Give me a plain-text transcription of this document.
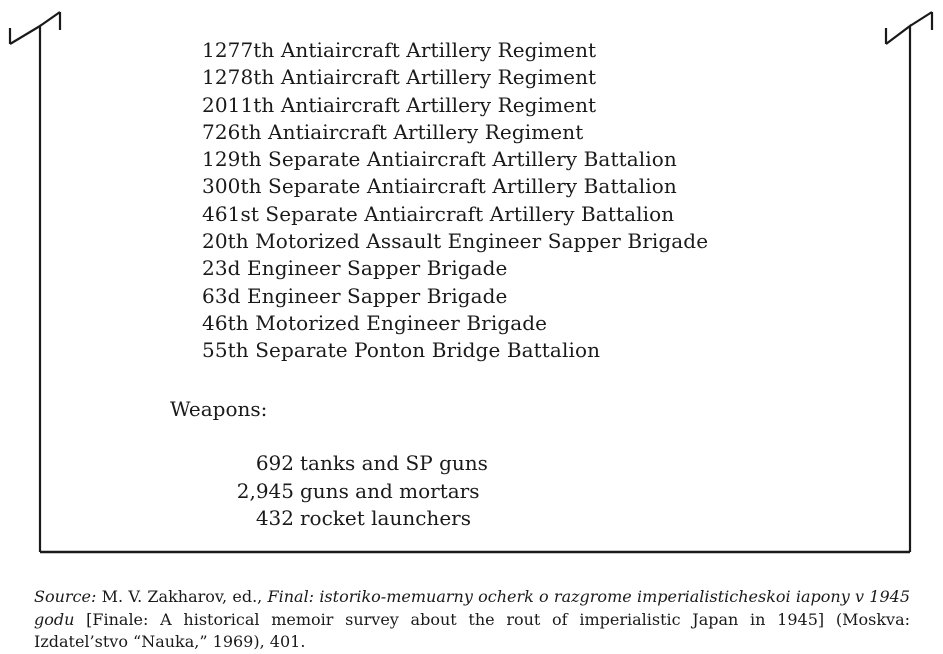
1277th Antiaircraft Artillery Regiment
1278th Antiaircraft Artillery Regiment
2011th Antiaircraft Artillery Regiment
726th Antiaircraft Artillery Regiment
129th Separate Antiaircraft Artillery Battalion
300th Separate Antiaircraft Artillery Battalion
461st Separate Antiaircraft Artillery Battalion
20th Motorized Assault Engineer Sapper Brigade
23d Engineer Sapper Brigade
63d Engineer Sapper Brigade
46th Motorized Engineer Brigade
55th Separate Ponton Bridge Battalion
Weapons:
692 tanks and SP guns
2,945 guns and mortars
432 rocket launchers

Source: M. V. Zakharov, ed., Final: istoriko-memuarny ocherk o razgrome imperialisticheskoi iapony v 1945 godu [Finale: A historical memoir survey about the rout of imperialistic Japan in 1945] (Moskva: Izdatel’stvo “Nauka,” 1969), 401.
